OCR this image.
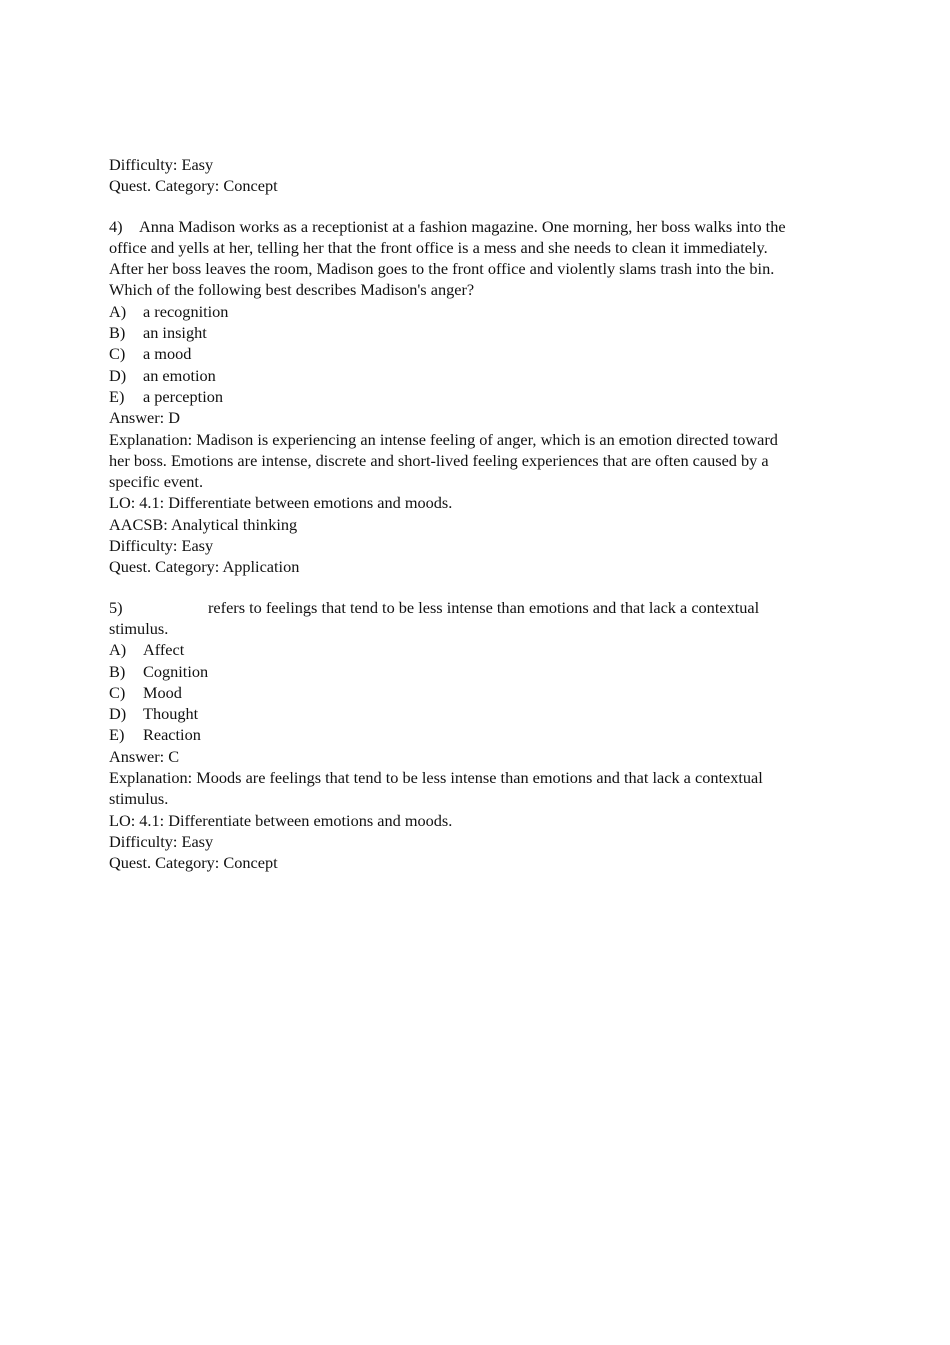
Difficulty: Easy
Quest. Category: Concept
4) Anna Madison works as a receptionist at a fashion magazine. One morning, her boss walks into the
office and yells at her, telling her that the front office is a mess and she needs to clean it immediately.
After her boss leaves the room, Madison goes to the front office and violently slams trash into the bin.
Which of the following best describes Madison's anger?
A) a recognition
B) an insight
C) a mood
D) an emotion
E) a perception
Answer: D
Explanation: Madison is experiencing an intense feeling of anger, which is an emotion directed toward
her boss. Emotions are intense, discrete and short-lived feeling experiences that are often caused by a
specific event.
LO: 4.1: Differentiate between emotions and moods.
AACSB: Analytical thinking
Difficulty: Easy
Quest. Category: Application
5)	refers to feelings that tend to be less intense than emotions and that lack a contextual
stimulus.
A) Affect
B) Cognition
C) Mood
D) Thought
E) Reaction
Answer: C
Explanation: Moods are feelings that tend to be less intense than emotions and that lack a contextual
stimulus.
LO: 4.1: Differentiate between emotions and moods.
Difficulty: Easy
Quest. Category: Concept
